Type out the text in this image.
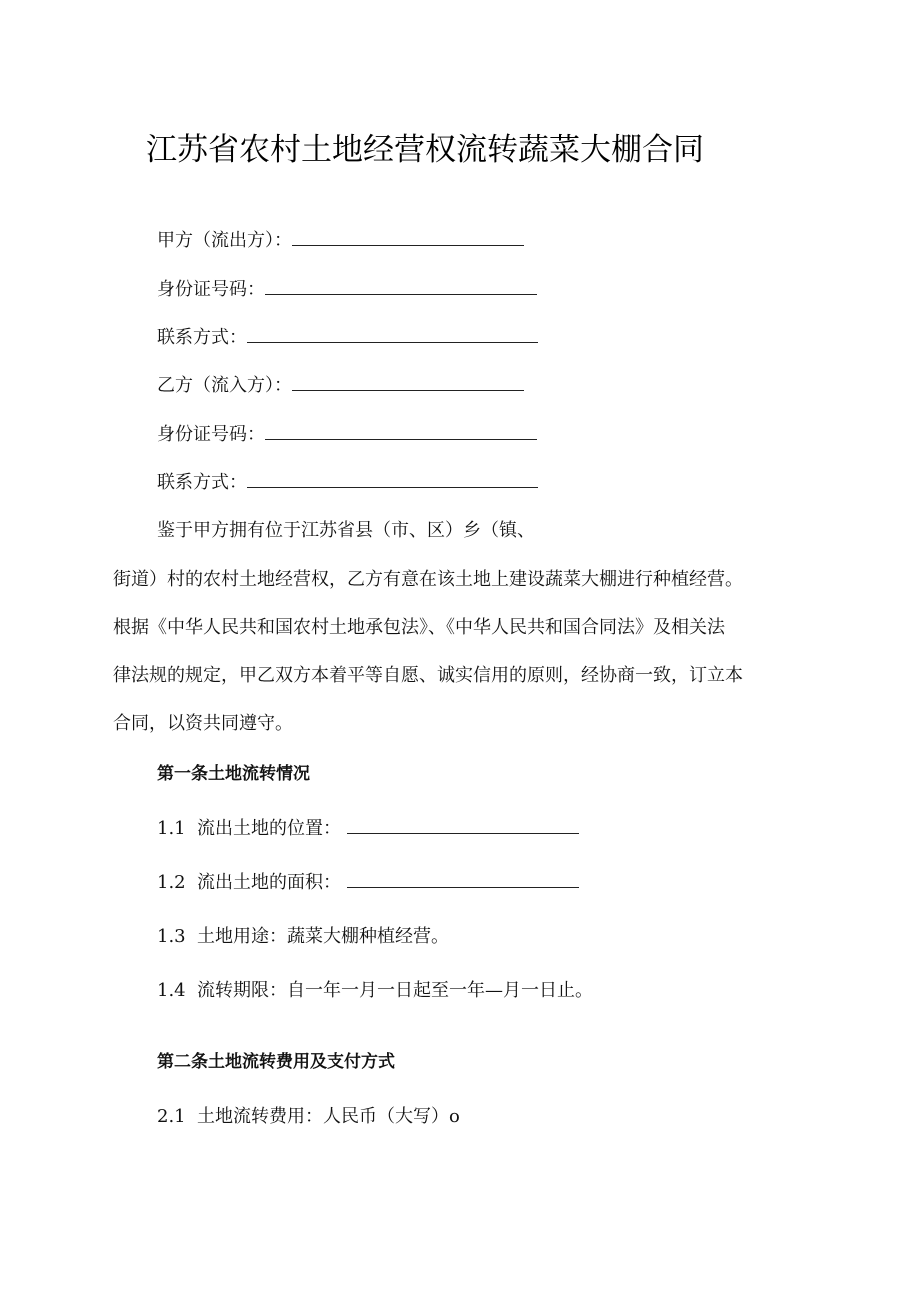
江苏省农村土地经营权流转蔬菜大棚合同
甲方（流出方）：
身份证号码：
联系方式：
乙方（流入方）：
身份证号码：
联系方式：
鉴于甲方拥有位于江苏省县（市、区）乡（镇、
街道）村的农村土地经营权，乙方有意在该土地上建设蔬菜大棚进行种植经营。
根据《中华人民共和国农村土地承包法》、《中华人民共和国合同法》及相关法
律法规的规定，甲乙双方本着平等自愿、诚实信用的原则，经协商一致，订立本
合同，以资共同遵守。
第一条土地流转情况
1.1 流出土地的位置：
1.2 流出土地的面积：
1.3 土地用途：蔬菜大棚种植经营。
1.4 流转期限：自一年一月一日起至一年—月一日止。
第二条土地流转费用及支付方式
2.1 土地流转费用：人民币（大写）o
